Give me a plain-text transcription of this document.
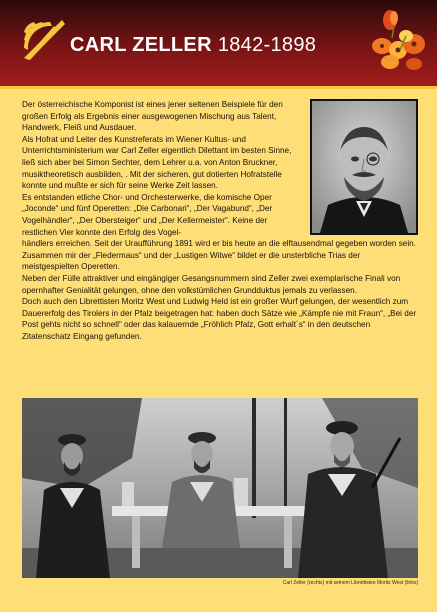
CARL ZELLER 1842-1898

Der österreichische Komponist ist eines jener seltenen Beispiele für den großen Erfolg als Ergebnis einer ausgewogenen Mischung aus Talent, Handwerk, Fleiß und Ausdauer.

Als Hofrat und Leiter des Kunstreferats im Wiener Kultus- und Unterrichtsministerium war Carl Zeller eigentlich Dilettant im besten Sinne, ließ sich aber bei Simon Sechter, dem Lehrer u.a. von Anton Bruckner, musiktheoretisch ausbilden, . Mit der sicheren, gut dotierten Hofratstelle konnte und mußte er sich für seine Werke Zeit lassen.

Es entstanden etliche Chor- und Orchesterwerke, die komische Oper „Joconde“ und fünf Operetten: „Die Carbonari“, „Der Vagabund“, „Der Vogelhändler“, „Der Obersteiger“ und „Der Kellermeister“. Keine der restlichen Vier konnte den Erfolg des Vogel-

händlers erreichen. Seit der Uraufführung 1891 wird er bis heute an die elftausendmal gegeben worden sein. Zusammen mir der „Fledermaus“ und der „Lustigen Witwe“ bildet er die unsterbliche Trias der meistgespielten Operetten.

Neben der Fülle attraktiver und eingängiger Gesangsnummern sind Zeller zwei exemplarische Finali von opernhafter Genialität gelungen, ohne den volkstümlichen Grundduktus jemals zu verlassen.

Doch auch den Librettisten Moritz West und Ludwig Held ist ein großer Wurf gelungen, der wesentlich zum Dauererfolg des Tirolers in der Pfalz beigetragen hat: haben doch Sätze wie „Kämpfe nie mit Fraun“, „Bei der Post gehts nicht so schnell“ oder das kalauernde „Fröhlich Pfalz, Gott erhalt´s“ in den deutschen Zitatenschatz Eingang gefunden.

Carl Zeller (rechts) mit seinem Librettisten Moritz West (links)
